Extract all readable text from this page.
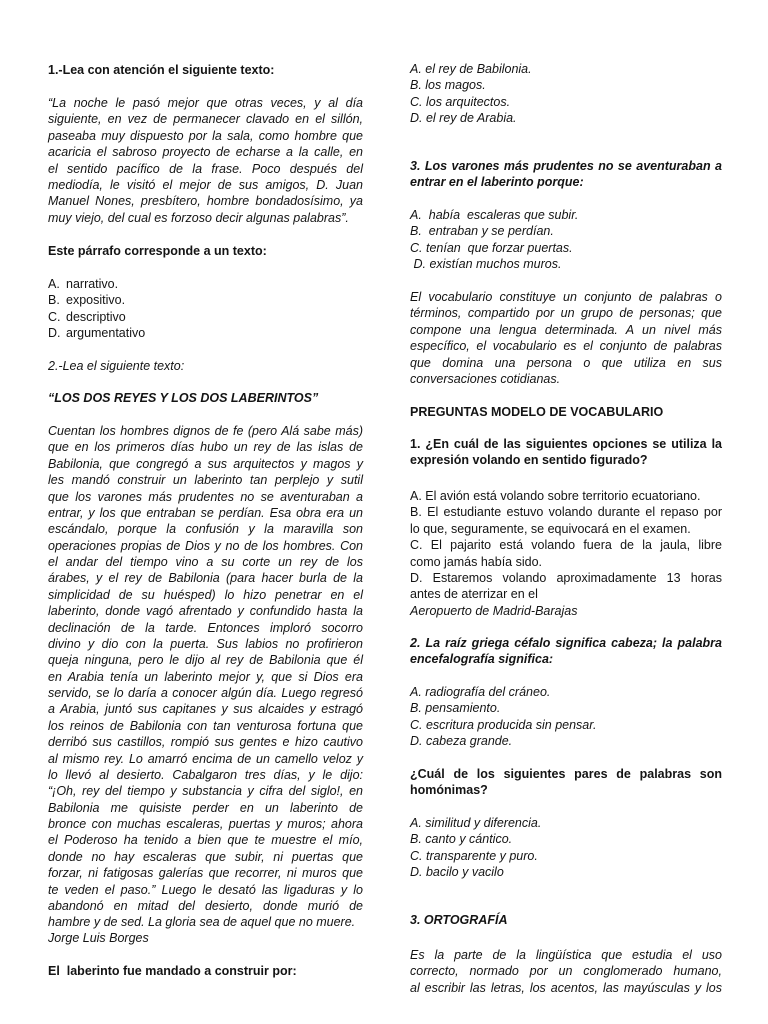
1.-Lea con atención el siguiente texto:
“La noche le pasó mejor que otras veces, y al día
siguiente, en vez de permanecer clavado en el sillón,
paseaba muy dispuesto por la sala, como hombre que
acaricia el sabroso proyecto de echarse a la calle, en
el sentido pacífico de la frase. Poco después del
mediodía, le visitó el mejor de sus amigos, D. Juan
Manuel Nones, presbítero, hombre bondadosísimo, ya
muy viejo, del cual es forzoso decir algunas palabras”.
Este párrafo corresponde a un texto:
A. narrativo.
B. expositivo.
C. descriptivo
D. argumentativo
2.-Lea el siguiente texto:
“LOS DOS REYES Y LOS DOS LABERINTOS”
Cuentan los hombres dignos de fe (pero Alá sabe más)
que en los primeros días hubo un rey de las islas de
Babilonia, que congregó a sus arquitectos y magos y
les mandó construir un laberinto tan perplejo y sutil
que los varones más prudentes no se aventuraban a
entrar, y los que entraban se perdían. Esa obra era un
escándalo, porque la confusión y la maravilla son
operaciones propias de Dios y no de los hombres. Con
el andar del tiempo vino a su corte un rey de los
árabes, y el rey de Babilonia (para hacer burla de la
simplicidad de su huésped) lo hizo penetrar en el
laberinto, donde vagó afrentado y confundido hasta la
declinación de la tarde. Entonces imploró socorro
divino y dio con la puerta. Sus labios no profirieron
queja ninguna, pero le dijo al rey de Babilonia que él
en Arabia tenía un laberinto mejor y, que si Dios era
servido, se lo daría a conocer algún día. Luego regresó
a Arabia, juntó sus capitanes y sus alcaides y estragó
los reinos de Babilonia con tan venturosa fortuna que
derribó sus castillos, rompió sus gentes e hizo cautivo
al mismo rey. Lo amarró encima de un camello veloz y
lo llevó al desierto. Cabalgaron tres días, y le dijo:
“¡Oh, rey del tiempo y substancia y cifra del siglo!, en
Babilonia me quisiste perder en un laberinto de
bronce con muchas escaleras, puertas y muros; ahora
el Poderoso ha tenido a bien que te muestre el mío,
donde no hay escaleras que subir, ni puertas que
forzar, ni fatigosas galerías que recorrer, ni muros que
te veden el paso.” Luego le desató las ligaduras y lo
abandonó en mitad del desierto, donde murió de
hambre y de sed. La gloria sea de aquel que no muere.
Jorge Luis Borges
El  laberinto fue mandado a construir por:
A. el rey de Babilonia.
B. los magos.
C. los arquitectos.
D. el rey de Arabia.
3. Los varones más prudentes no se aventuraban a
entrar en el laberinto porque:
A.  había  escaleras que subir.
B.  entraban y se perdían.
C. tenían  que forzar puertas.
D. existían muchos muros.
El vocabulario constituye un conjunto de palabras o
términos, compartido por un grupo de personas; que
compone una lengua determinada. A un nivel más
específico, el vocabulario es el conjunto de palabras
que domina una persona o que utiliza en sus
conversaciones cotidianas.
PREGUNTAS MODELO DE VOCABULARIO
1. ¿En cuál de las siguientes opciones se utiliza la
expresión volando en sentido figurado?
A. El avión está volando sobre territorio ecuatoriano.
B. El estudiante estuvo volando durante el repaso por
lo que, seguramente, se equivocará en el examen.
C. El pajarito está volando fuera de la jaula, libre
como jamás había sido.
D. Estaremos volando aproximadamente 13 horas
antes de aterrizar en el
Aeropuerto de Madrid-Barajas
2. La raíz griega céfalo significa cabeza; la palabra
encefalografía significa:
A. radiografía del cráneo.
B. pensamiento.
C. escritura producida sin pensar.
D. cabeza grande.
¿Cuál de los siguientes pares de palabras son
homónimas?
A. similitud y diferencia.
B. canto y cántico.
C. transparente y puro.
D. bacilo y vacilo
3. ORTOGRAFÍA
Es la parte de la lingüística que estudia el uso
correcto, normado por un conglomerado humano,
al escribir las letras, los acentos, las mayúsculas y los
